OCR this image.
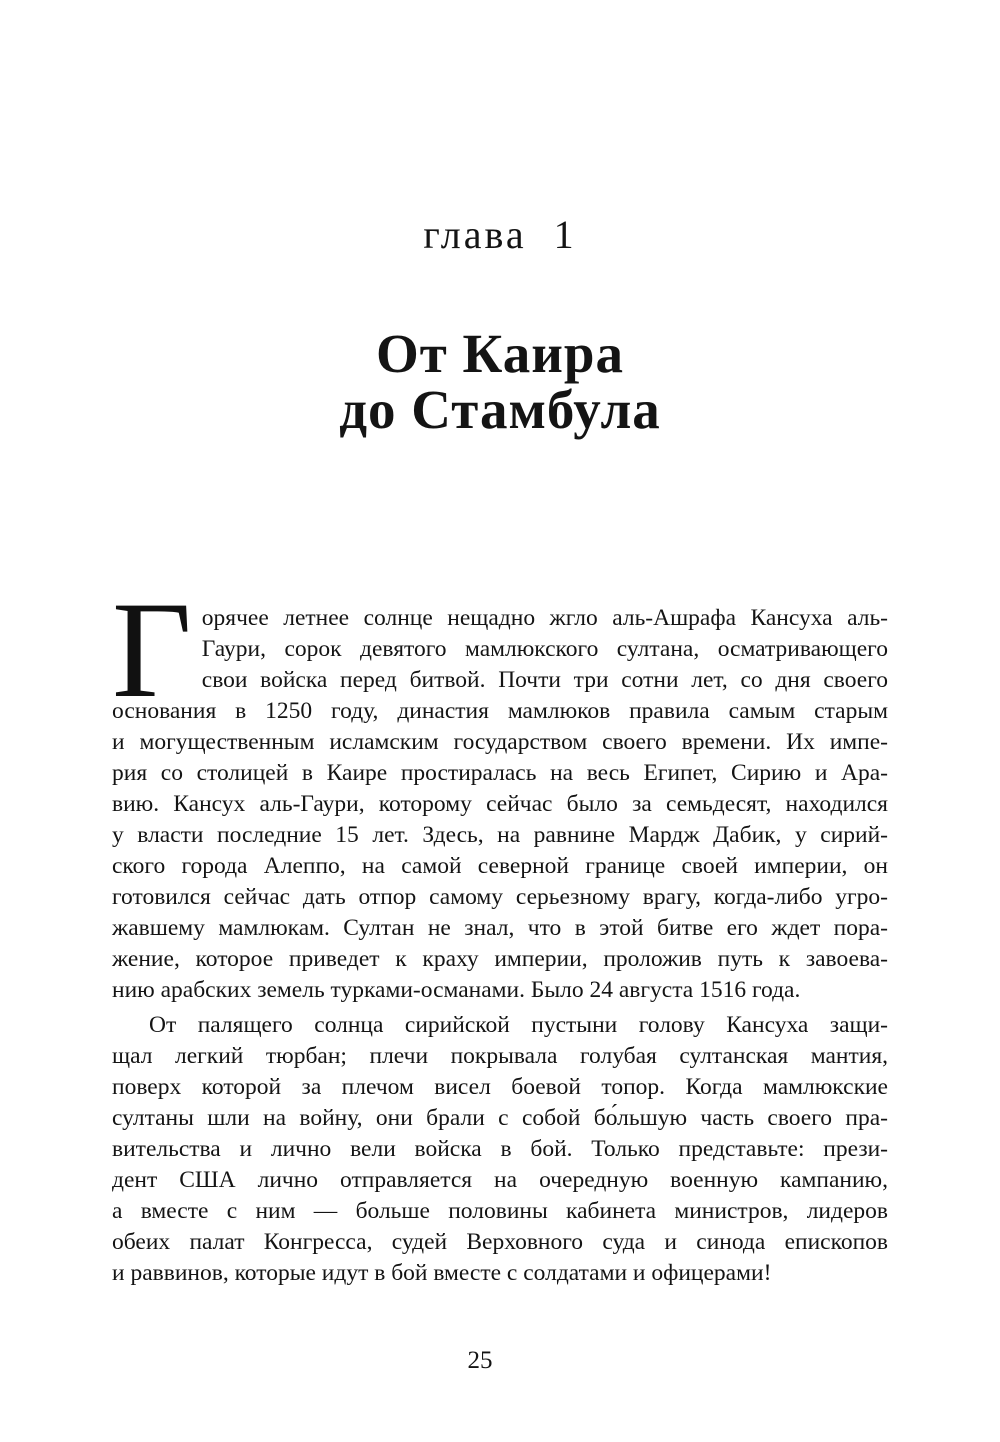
глава 1
От Каира
до Стамбула
Г орячее летнее солнце нещадно жгло аль-Ашрафа Кансуха аль-
Гаури, сорок девятого мамлюкского султана, осматривающего
свои войска перед битвой. Почти три сотни лет, со дня своего
основания в 1250 году, династия мамлюков правила самым старым
и могущественным исламским государством своего времени. Их импе-
рия со столицей в Каире простиралась на весь Египет, Сирию и Ара-
вию. Кансух аль-Гаури, которому сейчас было за семьдесят, находился
у власти последние 15 лет. Здесь, на равнине Мардж Дабик, у сирий-
ского города Алеппо, на самой северной границе своей империи, он
готовился сейчас дать отпор самому серьезному врагу, когда-либо угро-
жавшему мамлюкам. Султан не знал, что в этой битве его ждет пора-
жение, которое приведет к краху империи, проложив путь к завоева-
нию арабских земель турками-османами. Было 24 августа 1516 года.
От палящего солнца сирийской пустыни голову Кансуха защи-
щал легкий тюрбан; плечи покрывала голубая султанская мантия,
поверх которой за плечом висел боевой топор. Когда мамлюкские
султаны шли на войну, они брали с собой бо́льшую часть своего пра-
вительства и лично вели войска в бой. Только представьте: прези-
дент США лично отправляется на очередную военную кампанию,
а вместе с ним — больше половины кабинета министров, лидеров
обеих палат Конгресса, судей Верховного суда и синода епископов
и раввинов, которые идут в бой вместе с солдатами и офицерами!
25
